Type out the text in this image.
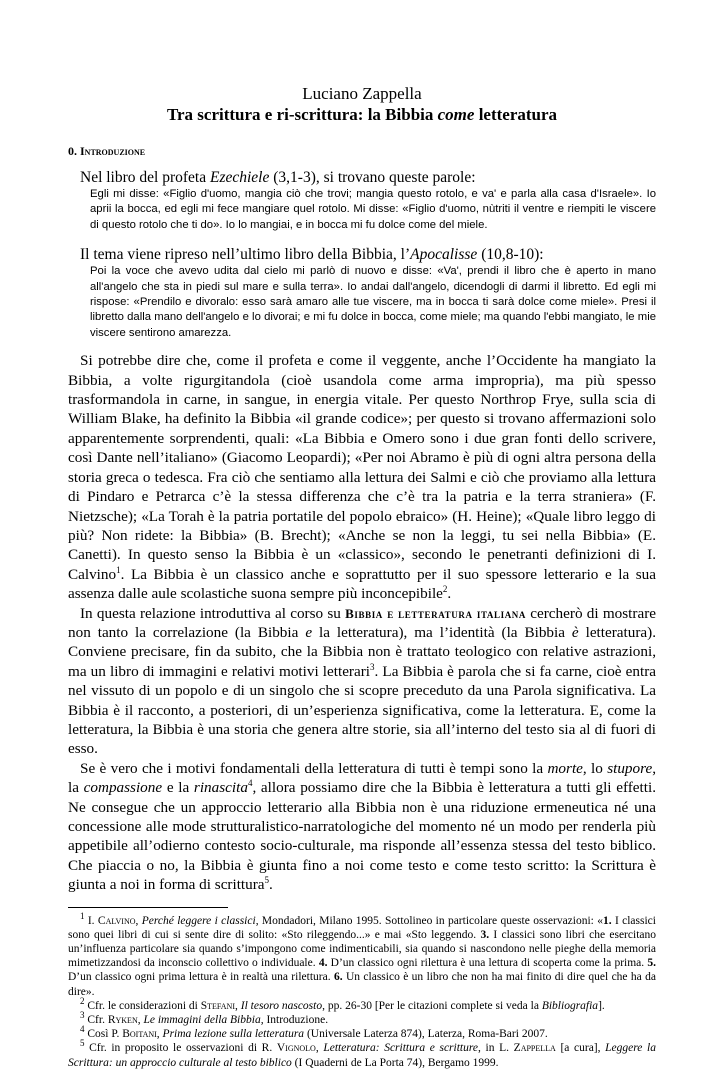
Luciano Zappella
Tra scrittura e ri-scrittura: la Bibbia come letteratura
0. Introduzione
Nel libro del profeta Ezechiele (3,1-3), si trovano queste parole:
Egli mi disse: «Figlio d'uomo, mangia ciò che trovi; mangia questo rotolo, e va' e parla alla casa d'Israele». Io aprii la bocca, ed egli mi fece mangiare quel rotolo. Mi disse: «Figlio d'uomo, nùtriti il ventre e riempiti le viscere di questo rotolo che ti do». Io lo mangiai, e in bocca mi fu dolce come del miele.
Il tema viene ripreso nell’ultimo libro della Bibbia, l’Apocalisse (10,8-10):
Poi la voce che avevo udita dal cielo mi parlò di nuovo e disse: «Va', prendi il libro che è aperto in mano all'angelo che sta in piedi sul mare e sulla terra». Io andai dall'angelo, dicendogli di darmi il libretto. Ed egli mi rispose: «Prendilo e divoralo: esso sarà amaro alle tue viscere, ma in bocca ti sarà dolce come miele». Presi il libretto dalla mano dell'angelo e lo divorai; e mi fu dolce in bocca, come miele; ma quando l'ebbi mangiato, le mie viscere sentirono amarezza.

Si potrebbe dire che, come il profeta e come il veggente, anche l’Occidente ha mangiato la Bibbia, a volte rigurgitandola (cioè usandola come arma impropria), ma più spesso trasformandola in carne, in sangue, in energia vitale. Per questo Northrop Frye, sulla scia di William Blake, ha definito la Bibbia «il grande codice»; per questo si trovano affermazioni solo apparentemente sorprendenti, quali: «La Bibbia e Omero sono i due gran fonti dello scrivere, così Dante nell’italiano» (Giacomo Leopardi); «Per noi Abramo è più di ogni altra persona della storia greca o tedesca. Fra ciò che sentiamo alla lettura dei Salmi e ciò che proviamo alla lettura di Pindaro e Petrarca c’è la stessa differenza che c’è tra la patria e la terra straniera» (F. Nietzsche); «La Torah è la patria portatile del popolo ebraico» (H. Heine); «Quale libro leggo di più? Non ridete: la Bibbia» (B. Brecht); «Anche se non la leggi, tu sei nella Bibbia» (E. Canetti). In questo senso la Bibbia è un «classico», secondo le penetranti definizioni di I. Calvino$^1$. La Bibbia è un classico anche e soprattutto per il suo spessore letterario e la sua assenza dalle aule scolastiche suona sempre più inconcepibile$^2$.

In questa relazione introduttiva al corso su Bibbia e letteratura italiana cercherò di mostrare non tanto la correlazione (la Bibbia e la letteratura), ma l’identità (la Bibbia è letteratura). Conviene precisare, fin da subito, che la Bibbia non è trattato teologico con relative astrazioni, ma un libro di immagini e relativi motivi letterari$^3$. La Bibbia è parola che si fa carne, cioè entra nel vissuto di un popolo e di un singolo che si scopre preceduto da una Parola significativa. La Bibbia è il racconto, a posteriori, di un’esperienza significativa, come la letteratura. E, come la letteratura, la Bibbia è una storia che genera altre storie, sia all’interno del testo sia al di fuori di esso.

Se è vero che i motivi fondamentali della letteratura di tutti è tempi sono la morte, lo stupore, la compassione e la rinascita$^4$, allora possiamo dire che la Bibbia è letteratura a tutti gli effetti. Ne consegue che un approccio letterario alla Bibbia non è una riduzione ermeneutica né una concessione alle mode strutturalistico-narratologiche del momento né un modo per renderla più appetibile all’odierno contesto socio-culturale, ma risponde all’essenza stessa del testo biblico. Che piaccia o no, la Bibbia è giunta fino a noi come testo e come testo scritto: la Scrittura è giunta a noi in forma di scrittura$^5$.

$^1$ I. Calvino, Perché leggere i classici, Mondadori, Milano 1995. Sottolineo in particolare queste osservazioni: «1. I classici sono quei libri di cui si sente dire di solito: «Sto rileggendo...» e mai «Sto leggendo. 3. I classici sono libri che esercitano un’influenza particolare sia quando s’impongono come indimenticabili, sia quando si nascondono nelle pieghe della memoria mimetizzandosi da inconscio collettivo o individuale. 4. D’un classico ogni rilettura è una lettura di scoperta come la prima. 5. D’un classico ogni prima lettura è in realtà una rilettura. 6. Un classico è un libro che non ha mai finito di dire quel che ha da dire».

$^2$ Cfr. le considerazioni di Stefani, Il tesoro nascosto, pp. 26-30 [Per le citazioni complete si veda la Bibliografia].

$^3$ Cfr. Ryken, Le immagini della Bibbia, Introduzione.

$^4$ Così P. Boitani, Prima lezione sulla letteratura (Universale Laterza 874), Laterza, Roma-Bari 2007.

$^5$ Cfr. in proposito le osservazioni di R. Vignolo, Letteratura: Scrittura e scritture, in L. Zappella [a cura], Leggere la Scrittura: un approccio culturale al testo biblico (I Quaderni de La Porta 74), Bergamo 1999.
